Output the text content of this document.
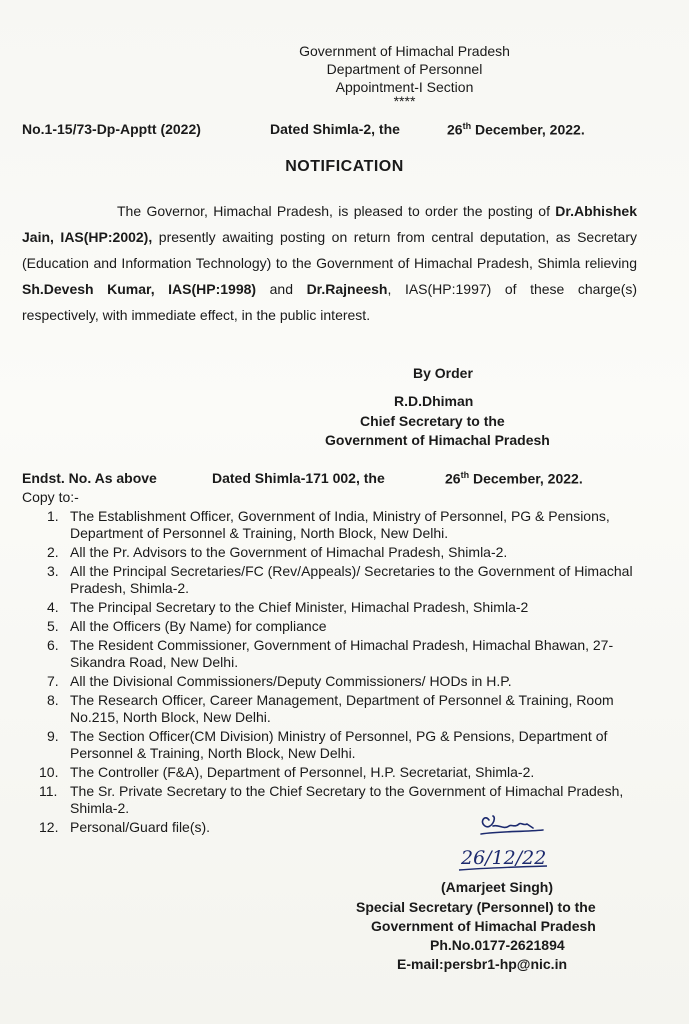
Government of Himachal Pradesh
Department of Personnel
Appointment-I Section
****
No.1-15/73-Dp-Apptt (2022)	Dated Shimla-2, the	26th December, 2022.
NOTIFICATION
The Governor, Himachal Pradesh, is pleased to order the posting of Dr.Abhishek Jain, IAS(HP:2002), presently awaiting posting on return from central deputation, as Secretary (Education and Information Technology) to the Government of Himachal Pradesh, Shimla relieving Sh.Devesh Kumar, IAS(HP:1998) and Dr.Rajneesh, IAS(HP:1997) of these charge(s) respectively, with immediate effect, in the public interest.
By Order
R.D.Dhiman
Chief Secretary to the
Government of Himachal Pradesh
Endst. No. As above	Dated Shimla-171 002, the	26th December, 2022.
Copy to:-
1. The Establishment Officer, Government of India, Ministry of Personnel, PG & Pensions, Department of Personnel & Training, North Block, New Delhi.
2. All the Pr. Advisors to the Government of Himachal Pradesh, Shimla-2.
3. All the Principal Secretaries/FC (Rev/Appeals)/ Secretaries to the Government of Himachal Pradesh, Shimla-2.
4. The Principal Secretary to the Chief Minister, Himachal Pradesh, Shimla-2
5. All the Officers (By Name) for compliance
6. The Resident Commissioner, Government of Himachal Pradesh, Himachal Bhawan, 27-Sikandra Road, New Delhi.
7. All the Divisional Commissioners/Deputy Commissioners/ HODs in H.P.
8. The Research Officer, Career Management, Department of Personnel & Training, Room No.215, North Block, New Delhi.
9. The Section Officer(CM Division) Ministry of Personnel, PG & Pensions, Department of Personnel & Training, North Block, New Delhi.
10. The Controller (F&A), Department of Personnel, H.P. Secretariat, Shimla-2.
11. The Sr. Private Secretary to the Chief Secretary to the Government of Himachal Pradesh, Shimla-2.
12. Personal/Guard file(s).
26/12/22
(Amarjeet Singh)
Special Secretary (Personnel) to the
Government of Himachal Pradesh
Ph.No.0177-2621894
E-mail:persbr1-hp@nic.in
